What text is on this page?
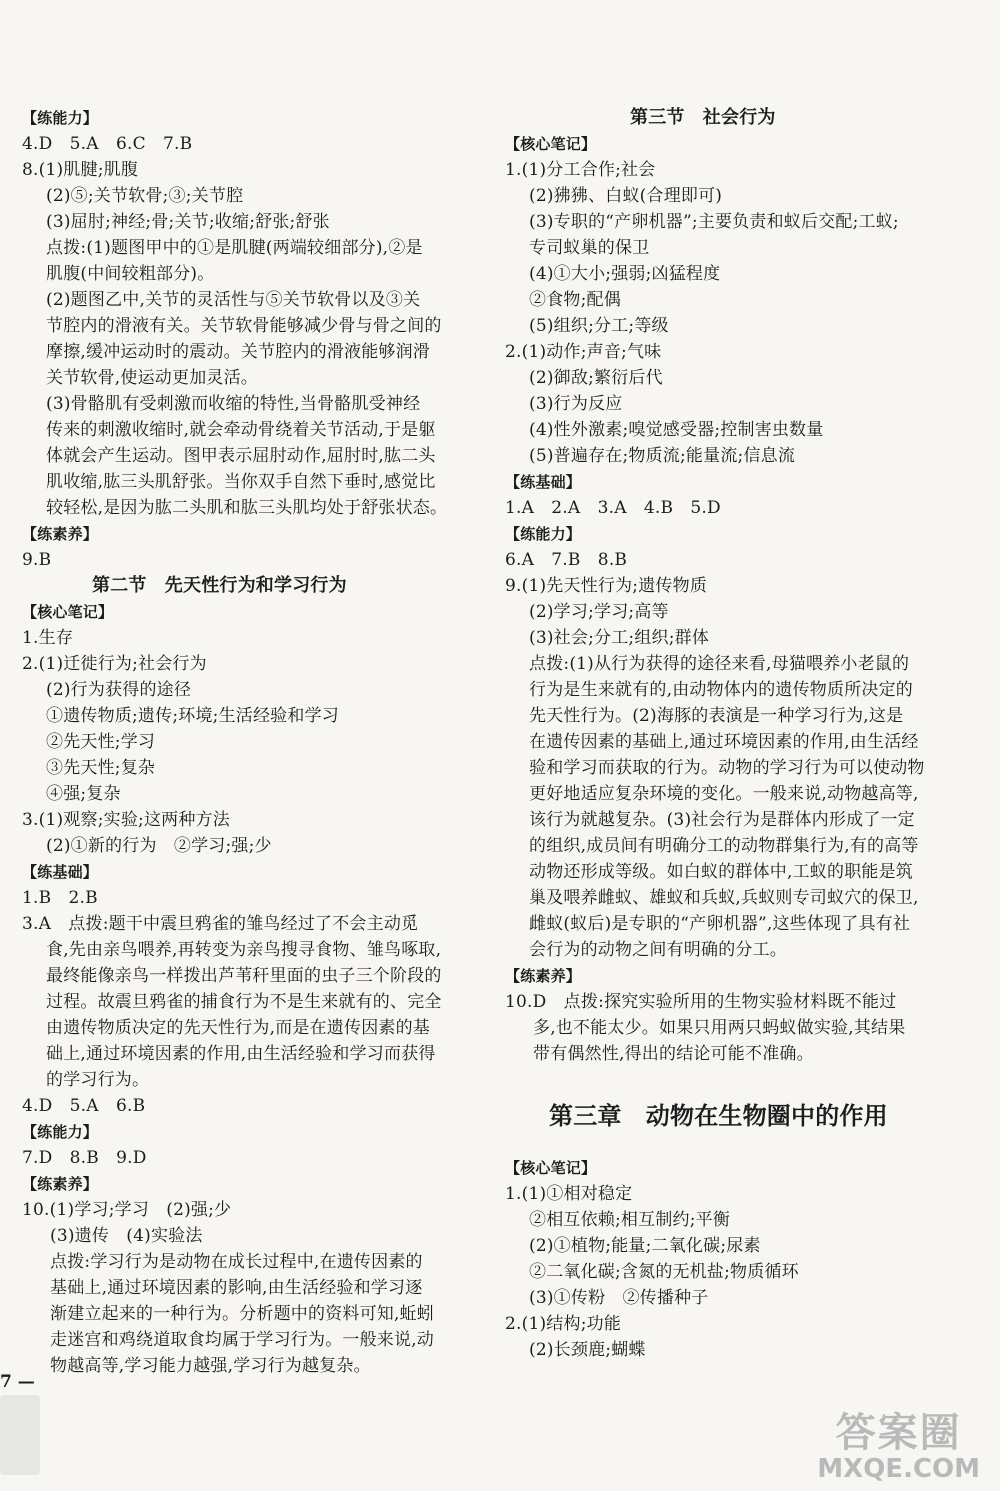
【练能力】
4.D　5.A　6.C　7.B
8.(1)肌腱;肌腹
(2)⑤;关节软骨;③;关节腔
(3)屈肘;神经;骨;关节;收缩;舒张;舒张
点拨:(1)题图甲中的①是肌腱(两端较细部分),②是
肌腹(中间较粗部分)。
(2)题图乙中,关节的灵活性与⑤关节软骨以及③关
节腔内的滑液有关。关节软骨能够减少骨与骨之间的
摩擦,缓冲运动时的震动。关节腔内的滑液能够润滑
关节软骨,使运动更加灵活。
(3)骨骼肌有受刺激而收缩的特性,当骨骼肌受神经
传来的刺激收缩时,就会牵动骨绕着关节活动,于是躯
体就会产生运动。图甲表示屈肘动作,屈肘时,肱二头
肌收缩,肱三头肌舒张。当你双手自然下垂时,感觉比
较轻松,是因为肱二头肌和肱三头肌均处于舒张状态。
【练素养】
9.B
第二节　先天性行为和学习行为
【核心笔记】
1.生存
2.(1)迁徙行为;社会行为
(2)行为获得的途径
①遗传物质;遗传;环境;生活经验和学习
②先天性;学习
③先天性;复杂
④强;复杂
3.(1)观察;实验;这两种方法
(2)①新的行为　②学习;强;少
【练基础】
1.B　2.B
3.A　点拨:题干中震旦鸦雀的雏鸟经过了不会主动觅
食,先由亲鸟喂养,再转变为亲鸟搜寻食物、雏鸟啄取,
最终能像亲鸟一样拨出芦苇秆里面的虫子三个阶段的
过程。故震旦鸦雀的捕食行为不是生来就有的、完全
由遗传物质决定的先天性行为,而是在遗传因素的基
础上,通过环境因素的作用,由生活经验和学习而获得
的学习行为。
4.D　5.A　6.B
【练能力】
7.D　8.B　9.D
【练素养】
10.(1)学习;学习　(2)强;少
(3)遗传　(4)实验法
点拨:学习行为是动物在成长过程中,在遗传因素的
基础上,通过环境因素的影响,由生活经验和学习逐
渐建立起来的一种行为。分析题中的资料可知,蚯蚓
走迷宫和鸡绕道取食均属于学习行为。一般来说,动
物越高等,学习能力越强,学习行为越复杂。
第三节　社会行为
【核心笔记】
1.(1)分工合作;社会
(2)狒狒、白蚁(合理即可)
(3)专职的“产卵机器”;主要负责和蚁后交配;工蚁;
专司蚁巢的保卫
(4)①大小;强弱;凶猛程度
②食物;配偶
(5)组织;分工;等级
2.(1)动作;声音;气味
(2)御敌;繁衍后代
(3)行为反应
(4)性外激素;嗅觉感受器;控制害虫数量
(5)普遍存在;物质流;能量流;信息流
【练基础】
1.A　2.A　3.A　4.B　5.D
【练能力】
6.A　7.B　8.B
9.(1)先天性行为;遗传物质
(2)学习;学习;高等
(3)社会;分工;组织;群体
点拨:(1)从行为获得的途径来看,母猫喂养小老鼠的
行为是生来就有的,由动物体内的遗传物质所决定的
先天性行为。(2)海豚的表演是一种学习行为,这是
在遗传因素的基础上,通过环境因素的作用,由生活经
验和学习而获取的行为。动物的学习行为可以使动物
更好地适应复杂环境的变化。一般来说,动物越高等,
该行为就越复杂。(3)社会行为是群体内形成了一定
的组织,成员间有明确分工的动物群集行为,有的高等
动物还形成等级。如白蚁的群体中,工蚁的职能是筑
巢及喂养雌蚁、雄蚁和兵蚁,兵蚁则专司蚁穴的保卫,
雌蚁(蚁后)是专职的“产卵机器”,这些体现了具有社
会行为的动物之间有明确的分工。
【练素养】
10.D　点拨:探究实验所用的生物实验材料既不能过
多,也不能太少。如果只用两只蚂蚁做实验,其结果
带有偶然性,得出的结论可能不准确。
第三章　动物在生物圈中的作用
【核心笔记】
1.(1)①相对稳定
②相互依赖;相互制约;平衡
(2)①植物;能量;二氧化碳;尿素
②二氧化碳;含氮的无机盐;物质循环
(3)①传粉　②传播种子
2.(1)结构;功能
(2)长颈鹿;蝴蝶
7 —
答案圈
MXQE.COM
